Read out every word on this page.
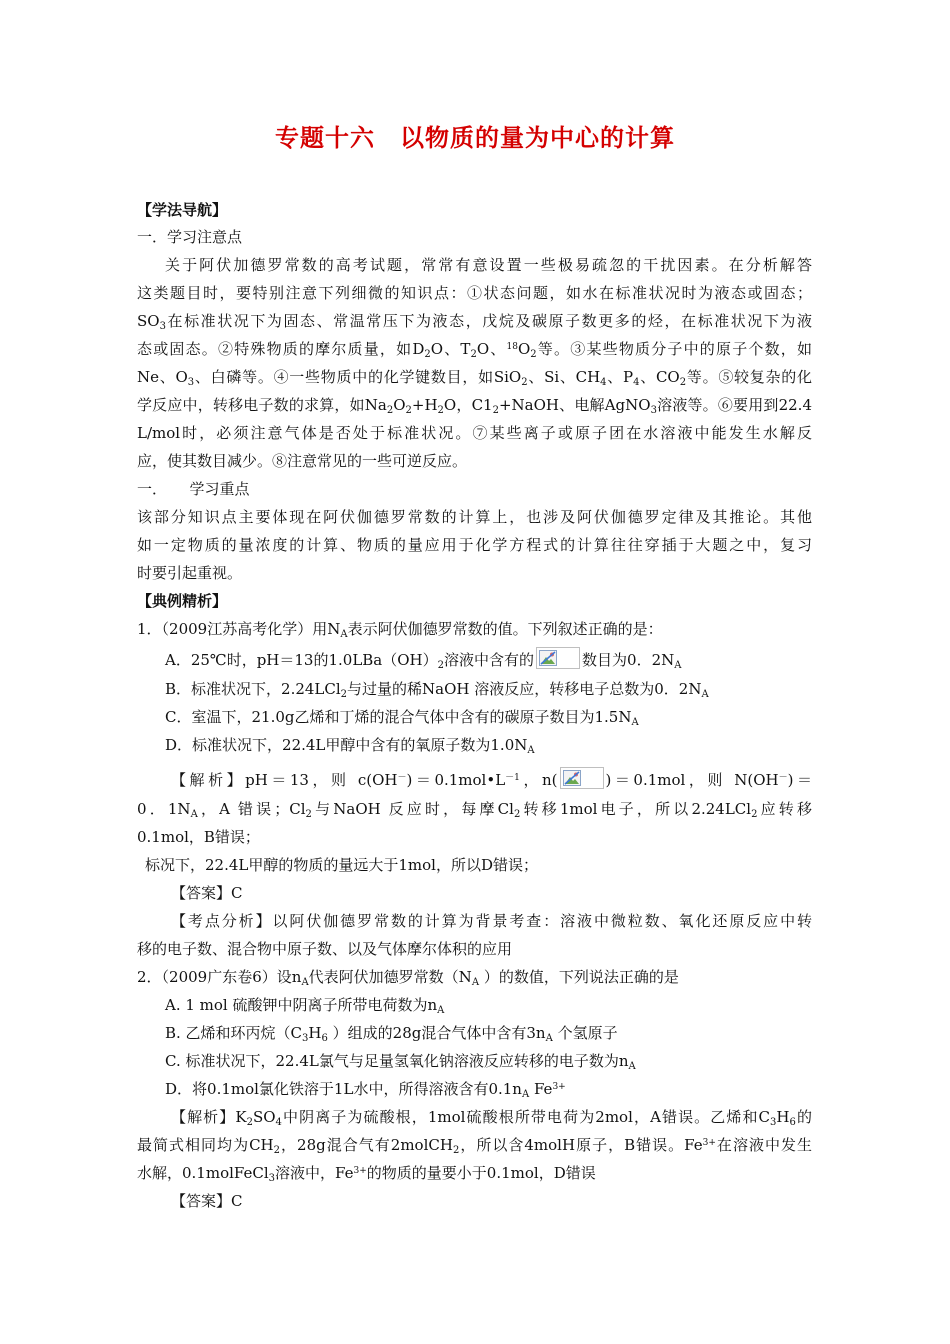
专题十六　以物质的量为中心的计算
【学法导航】
一．学习注意点
关于阿伏加德罗常数的高考试题，常常有意设置一些极易疏忽的干扰因素。在分析解答
这类题目时，要特别注意下列细微的知识点：①状态问题，如水在标准状况时为液态或固态；
$SO_3$在标准状况下为固态、常温常压下为液态，戊烷及碳原子数更多的烃，在标准状况下为液
态或固态。②特殊物质的摩尔质量，如$D_2O$、$T_2O$、$^{18}O_2$等。③某些物质分子中的原子个数，如
Ne、$O_3$、白磷等。④一些物质中的化学键数目，如SiO$_2$、Si、$CH_4$、$P_4$、$CO_2$等。⑤较复杂的化
学反应中，转移电子数的求算，如$Na_2O_2+H_2O$，$C1_2+NaOH$、电解AgNO$_3$溶液等。⑥要用到22.4
L/mol时，必须注意气体是否处于标准状况。⑦某些离子或原子团在水溶液中能发生水解反
应，使其数目减少。⑧注意常见的一些可逆反应。
一．　　学习重点
该部分知识点主要体现在阿伏伽德罗常数的计算上，也涉及阿伏伽德罗定律及其推论。其他
如一定物质的量浓度的计算、物质的量应用于化学方程式的计算往往穿插于大题之中，复习
时要引起重视。
【典例精析】
1．（2009江苏高考化学）用$N_A$表示阿伏伽德罗常数的值。下列叙述正确的是：
A．25℃时，pH＝13的$1.0LBa(OH)_2$溶液中含有的	数目为0．$2N_A$
B．标准状况下，2.24LCl$_2$与过量的稀NaOH 溶液反应，转移电子总数为0．$2N_A$
C．室温下，21.0g乙烯和丁烯的混合气体中含有的碳原子数目为$1.5N_A$
D．标准状况下，22.4L甲醇中含有的氧原子数为$1.0N_A$
【解析】pH＝13，则 $c(OH^-)=0.1mol•L^{-1}$，n(	)＝0.1mol，则 N(OH－)＝
0．$1N_A$，A 错误；$Cl_2$与NaOH 反应时，每摩$Cl_2$转移1mol电子，所以2.24LCl$_2$应转移
0.1mol，B错误；
标况下，22.4L甲醇的物质的量远大于1mol，所以D错误；
【答案】C
【考点分析】以阿伏伽德罗常数的计算为背景考查：溶液中微粒数、氧化还原反应中转
移的电子数、混合物中原子数、以及气体摩尔体积的应用
2．（2009广东卷6）设$n_A$代表阿伏加德罗常数（$N_A$ ）的数值，下列说法正确的是
A. 1 mol 硫酸钾中阴离子所带电荷数为$n_A$
B. 乙烯和环丙烷（$C_3H_6$ ）组成的28g混合气体中含有$3n_A$ 个氢原子
C. 标准状况下，22.4L氯气与足量氢氧化钠溶液反应转移的电子数为$n_A$
D．将0.1mol氯化铁溶于1L水中，所得溶液含有$0.1n_A$ $Fe^{3+}$
【解析】$K_2SO_4$中阴离子为硫酸根，1mol硫酸根所带电荷为2mol，A错误。乙烯和$C_3H_6$的
最简式相同均为$CH_2$，28g混合气有2molCH$_2$，所以含4molH原子，B错误。$Fe^{3+}$在溶液中发生
水解，0.1molFeCl$_3$溶液中，$Fe^{3+}$的物质的量要小于0.1mol，D错误
【答案】C
